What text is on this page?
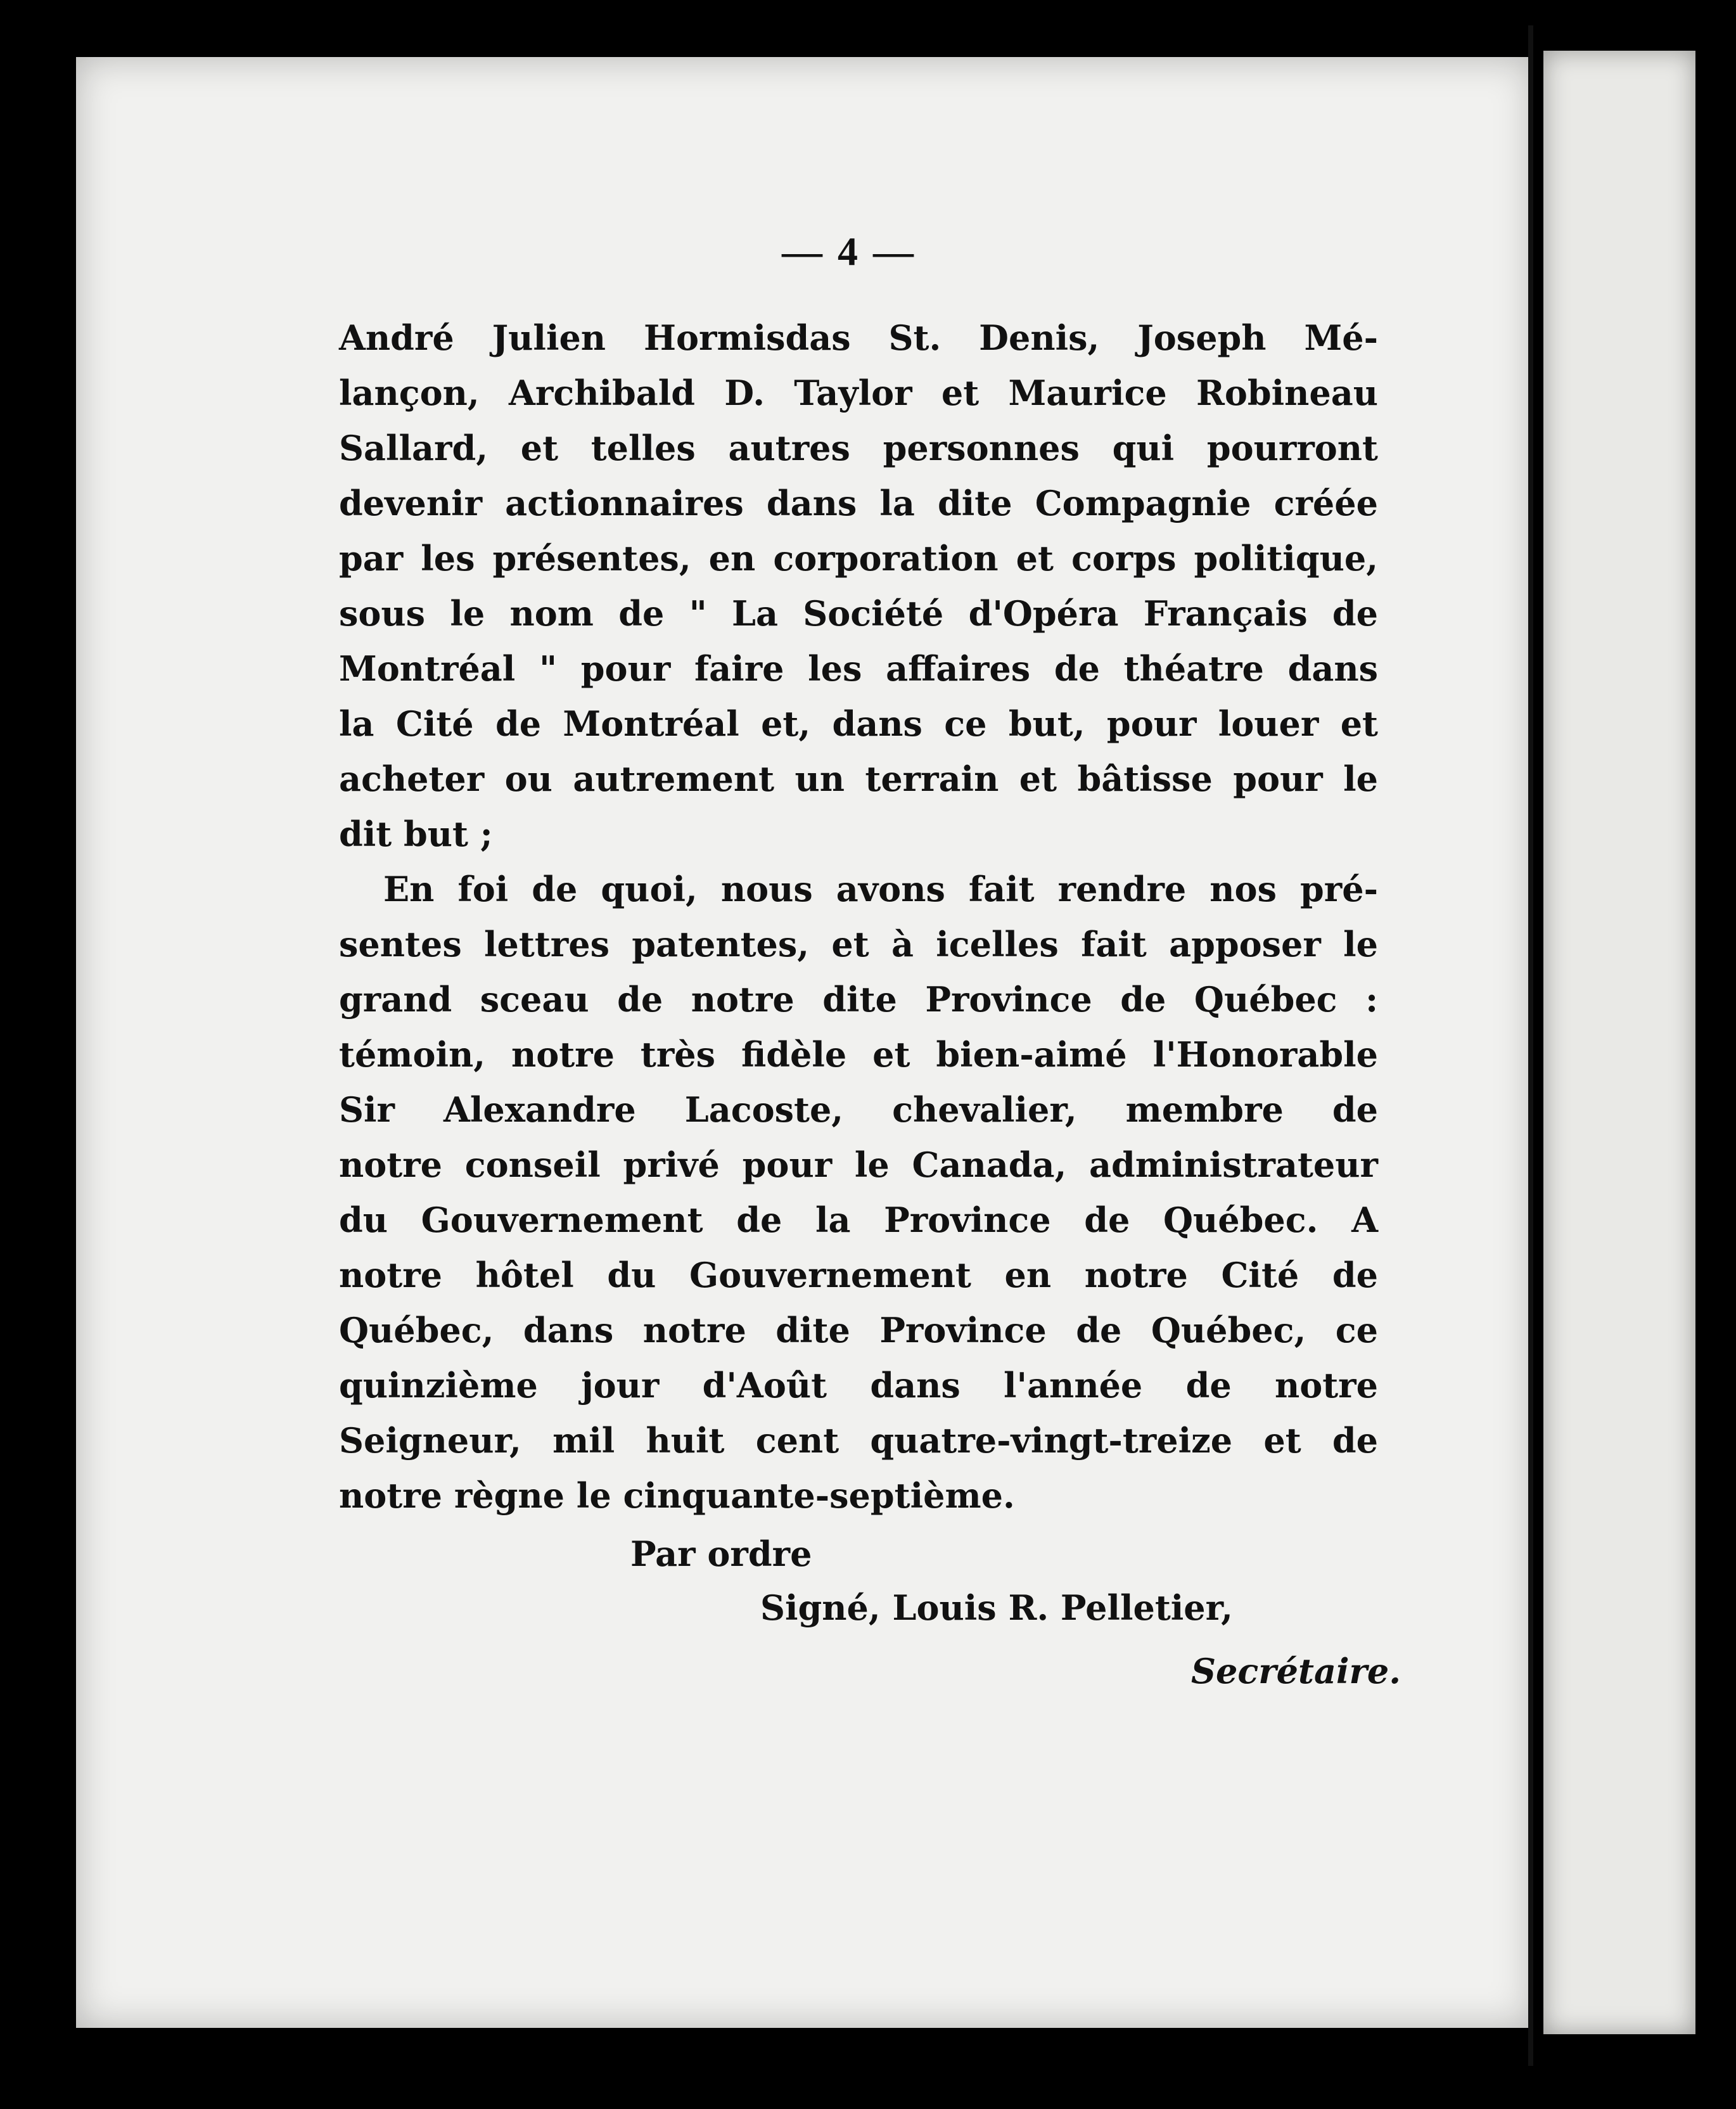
— 4 —

André Julien Hormisdas St. Denis, Joseph Mé-
lançon, Archibald D. Taylor et Maurice Robineau
Sallard, et telles autres personnes qui pourront
devenir actionnaires dans la dite Compagnie créée
par les présentes, en corporation et corps politique,
sous le nom de " La Société d'Opéra Français de
Montréal " pour faire les affaires de théatre dans
la Cité de Montréal et, dans ce but, pour louer et
acheter ou autrement un terrain et bâtisse pour le
dit but ;

En foi de quoi, nous avons fait rendre nos pré-
sentes lettres patentes, et à icelles fait apposer le
grand sceau de notre dite Province de Québec :
témoin, notre très fidèle et bien-aimé l'Honorable
Sir Alexandre Lacoste, chevalier, membre de
notre conseil privé pour le Canada, administrateur
du Gouvernement de la Province de Québec. A
notre hôtel du Gouvernement en notre Cité de
Québec, dans notre dite Province de Québec, ce
quinzième jour d'Août dans l'année de notre
Seigneur, mil huit cent quatre-vingt-treize et de
notre règne le cinquante-septième.

Par ordre
Signé, Louis R. Pelletier,
Secrétaire.
